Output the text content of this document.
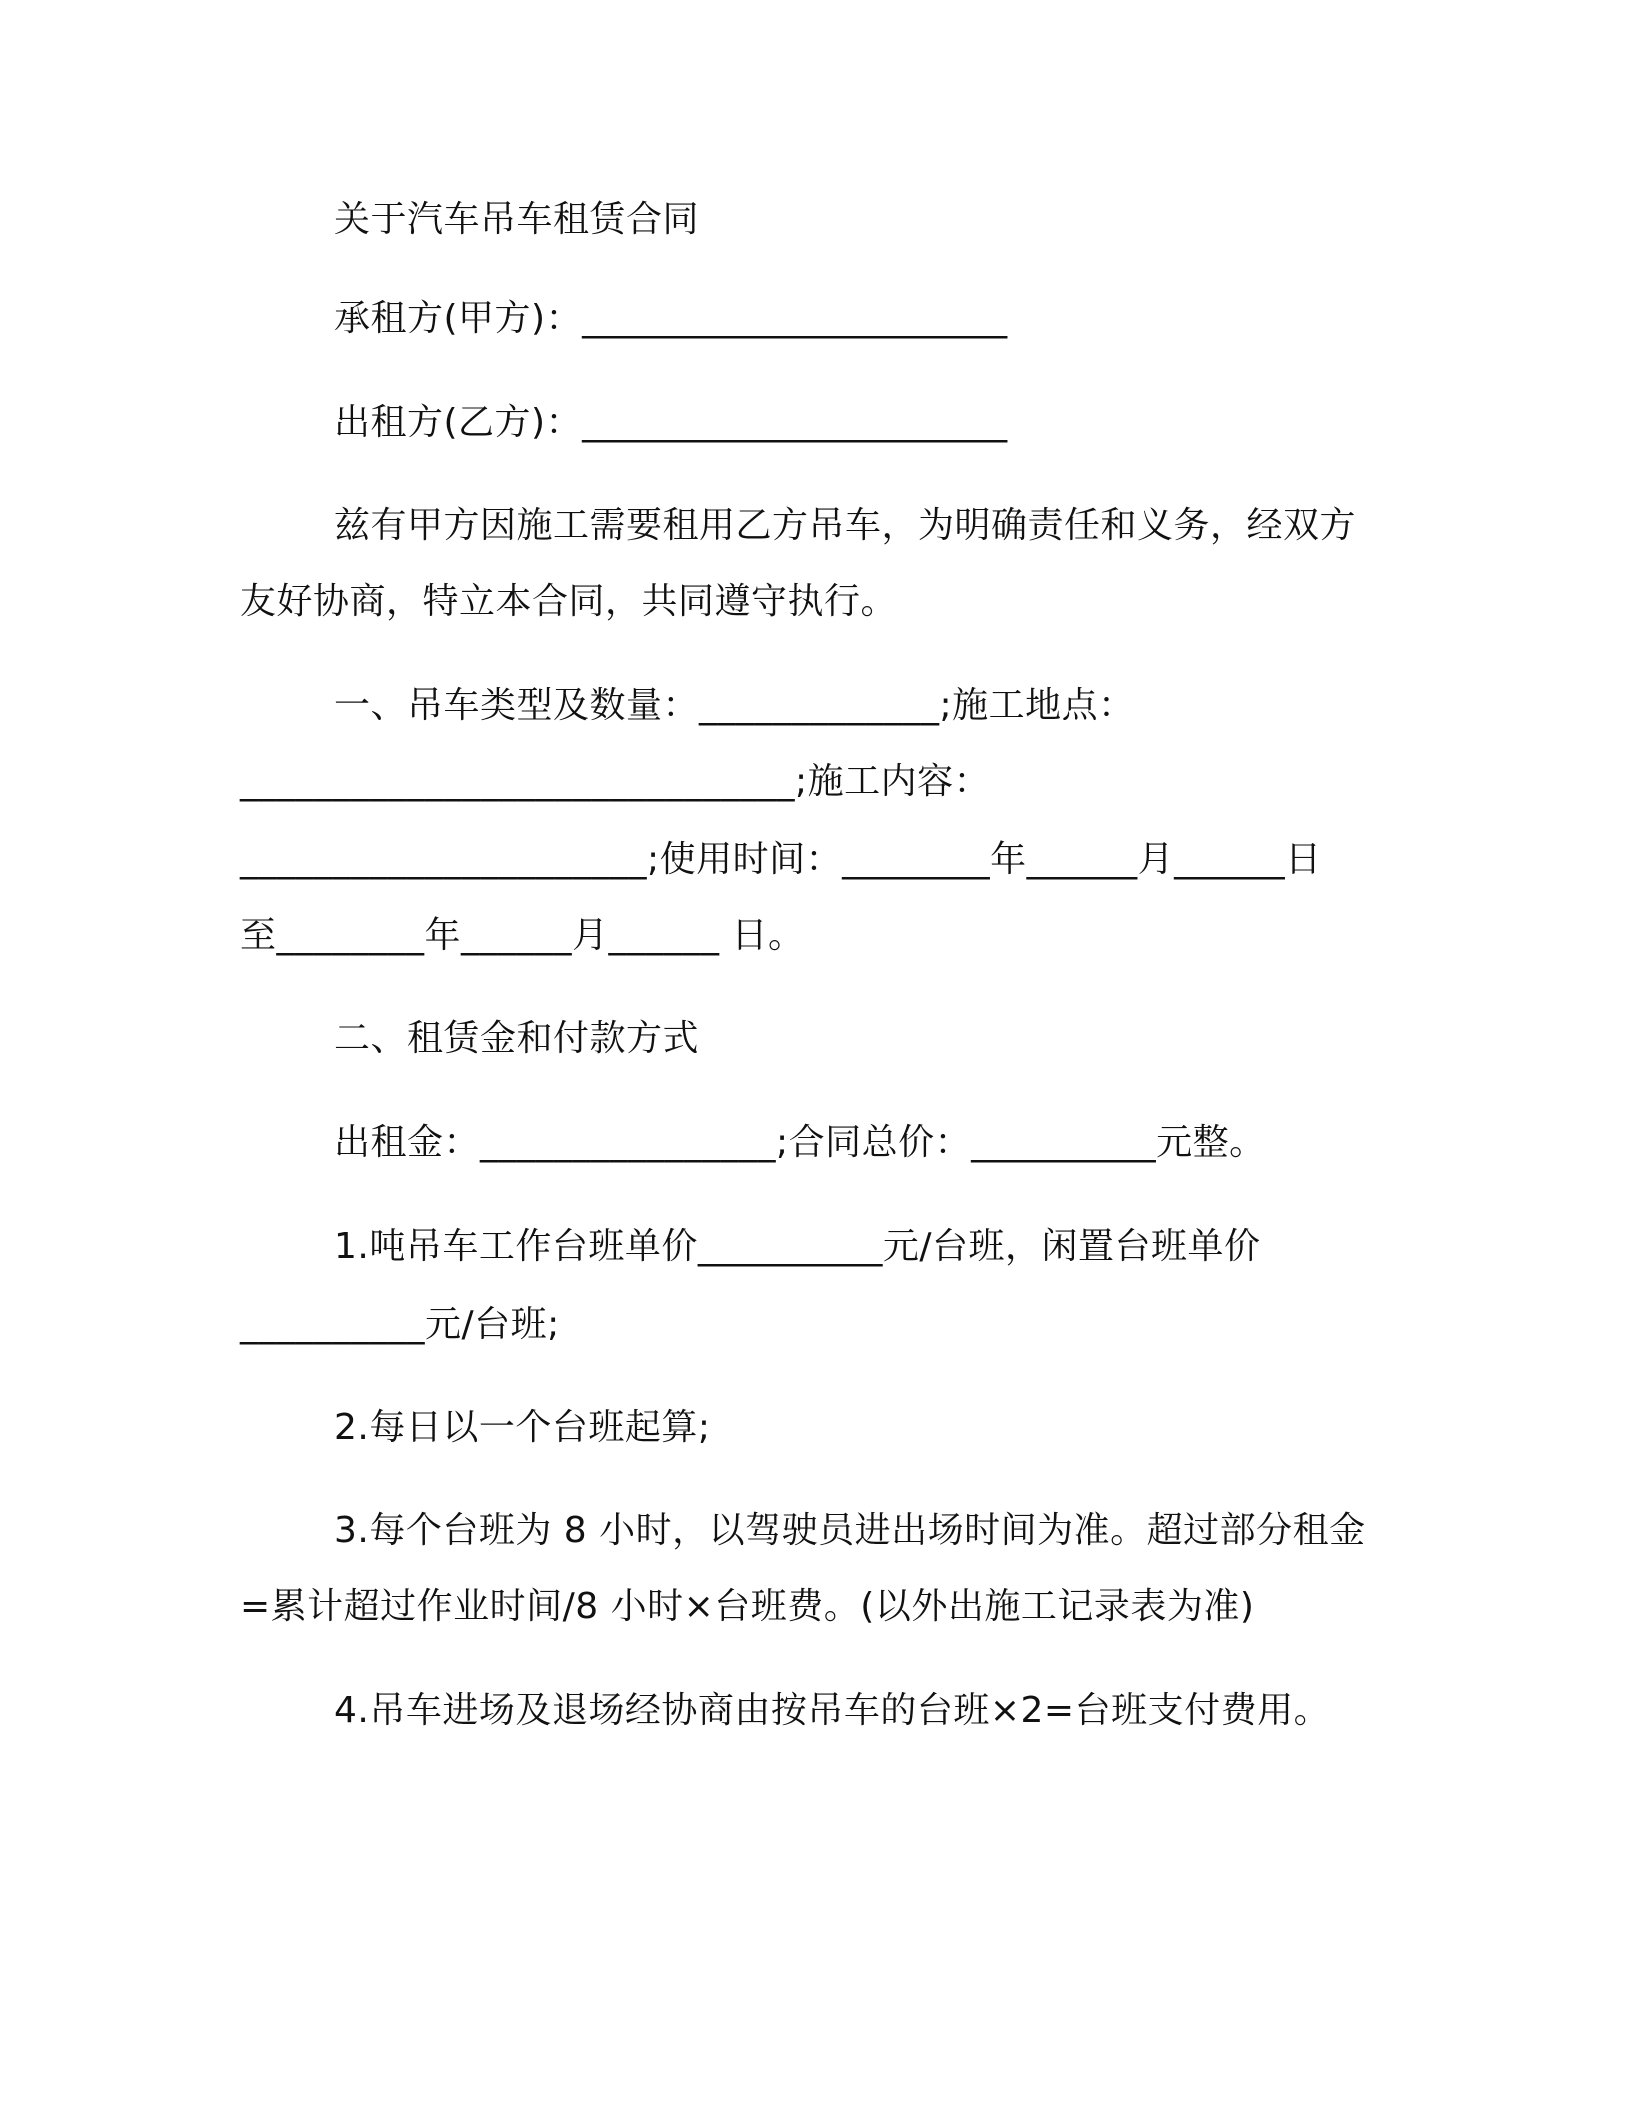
关于汽车吊车租赁合同
承租方(甲方)：_______________________
出租方(乙方)：_______________________
兹有甲方因施工需要租用乙方吊车，为明确责任和义务，经双方
友好协商，特立本合同，共同遵守执行。
一、吊车类型及数量：_____________;施工地点：
______________________________;施工内容：
______________________;使用时间：________年______月______日
至________年______月______ 日。
二、租赁金和付款方式
出租金：________________;合同总价：__________元整。
1.吨吊车工作台班单价__________元/台班，闲置台班单价
__________元/台班;
2.每日以一个台班起算;
3.每个台班为 8 小时，以驾驶员进出场时间为准。超过部分租金
=累计超过作业时间/8 小时×台班费。(以外出施工记录表为准)
4.吊车进场及退场经协商由按吊车的台班×2=台班支付费用。
